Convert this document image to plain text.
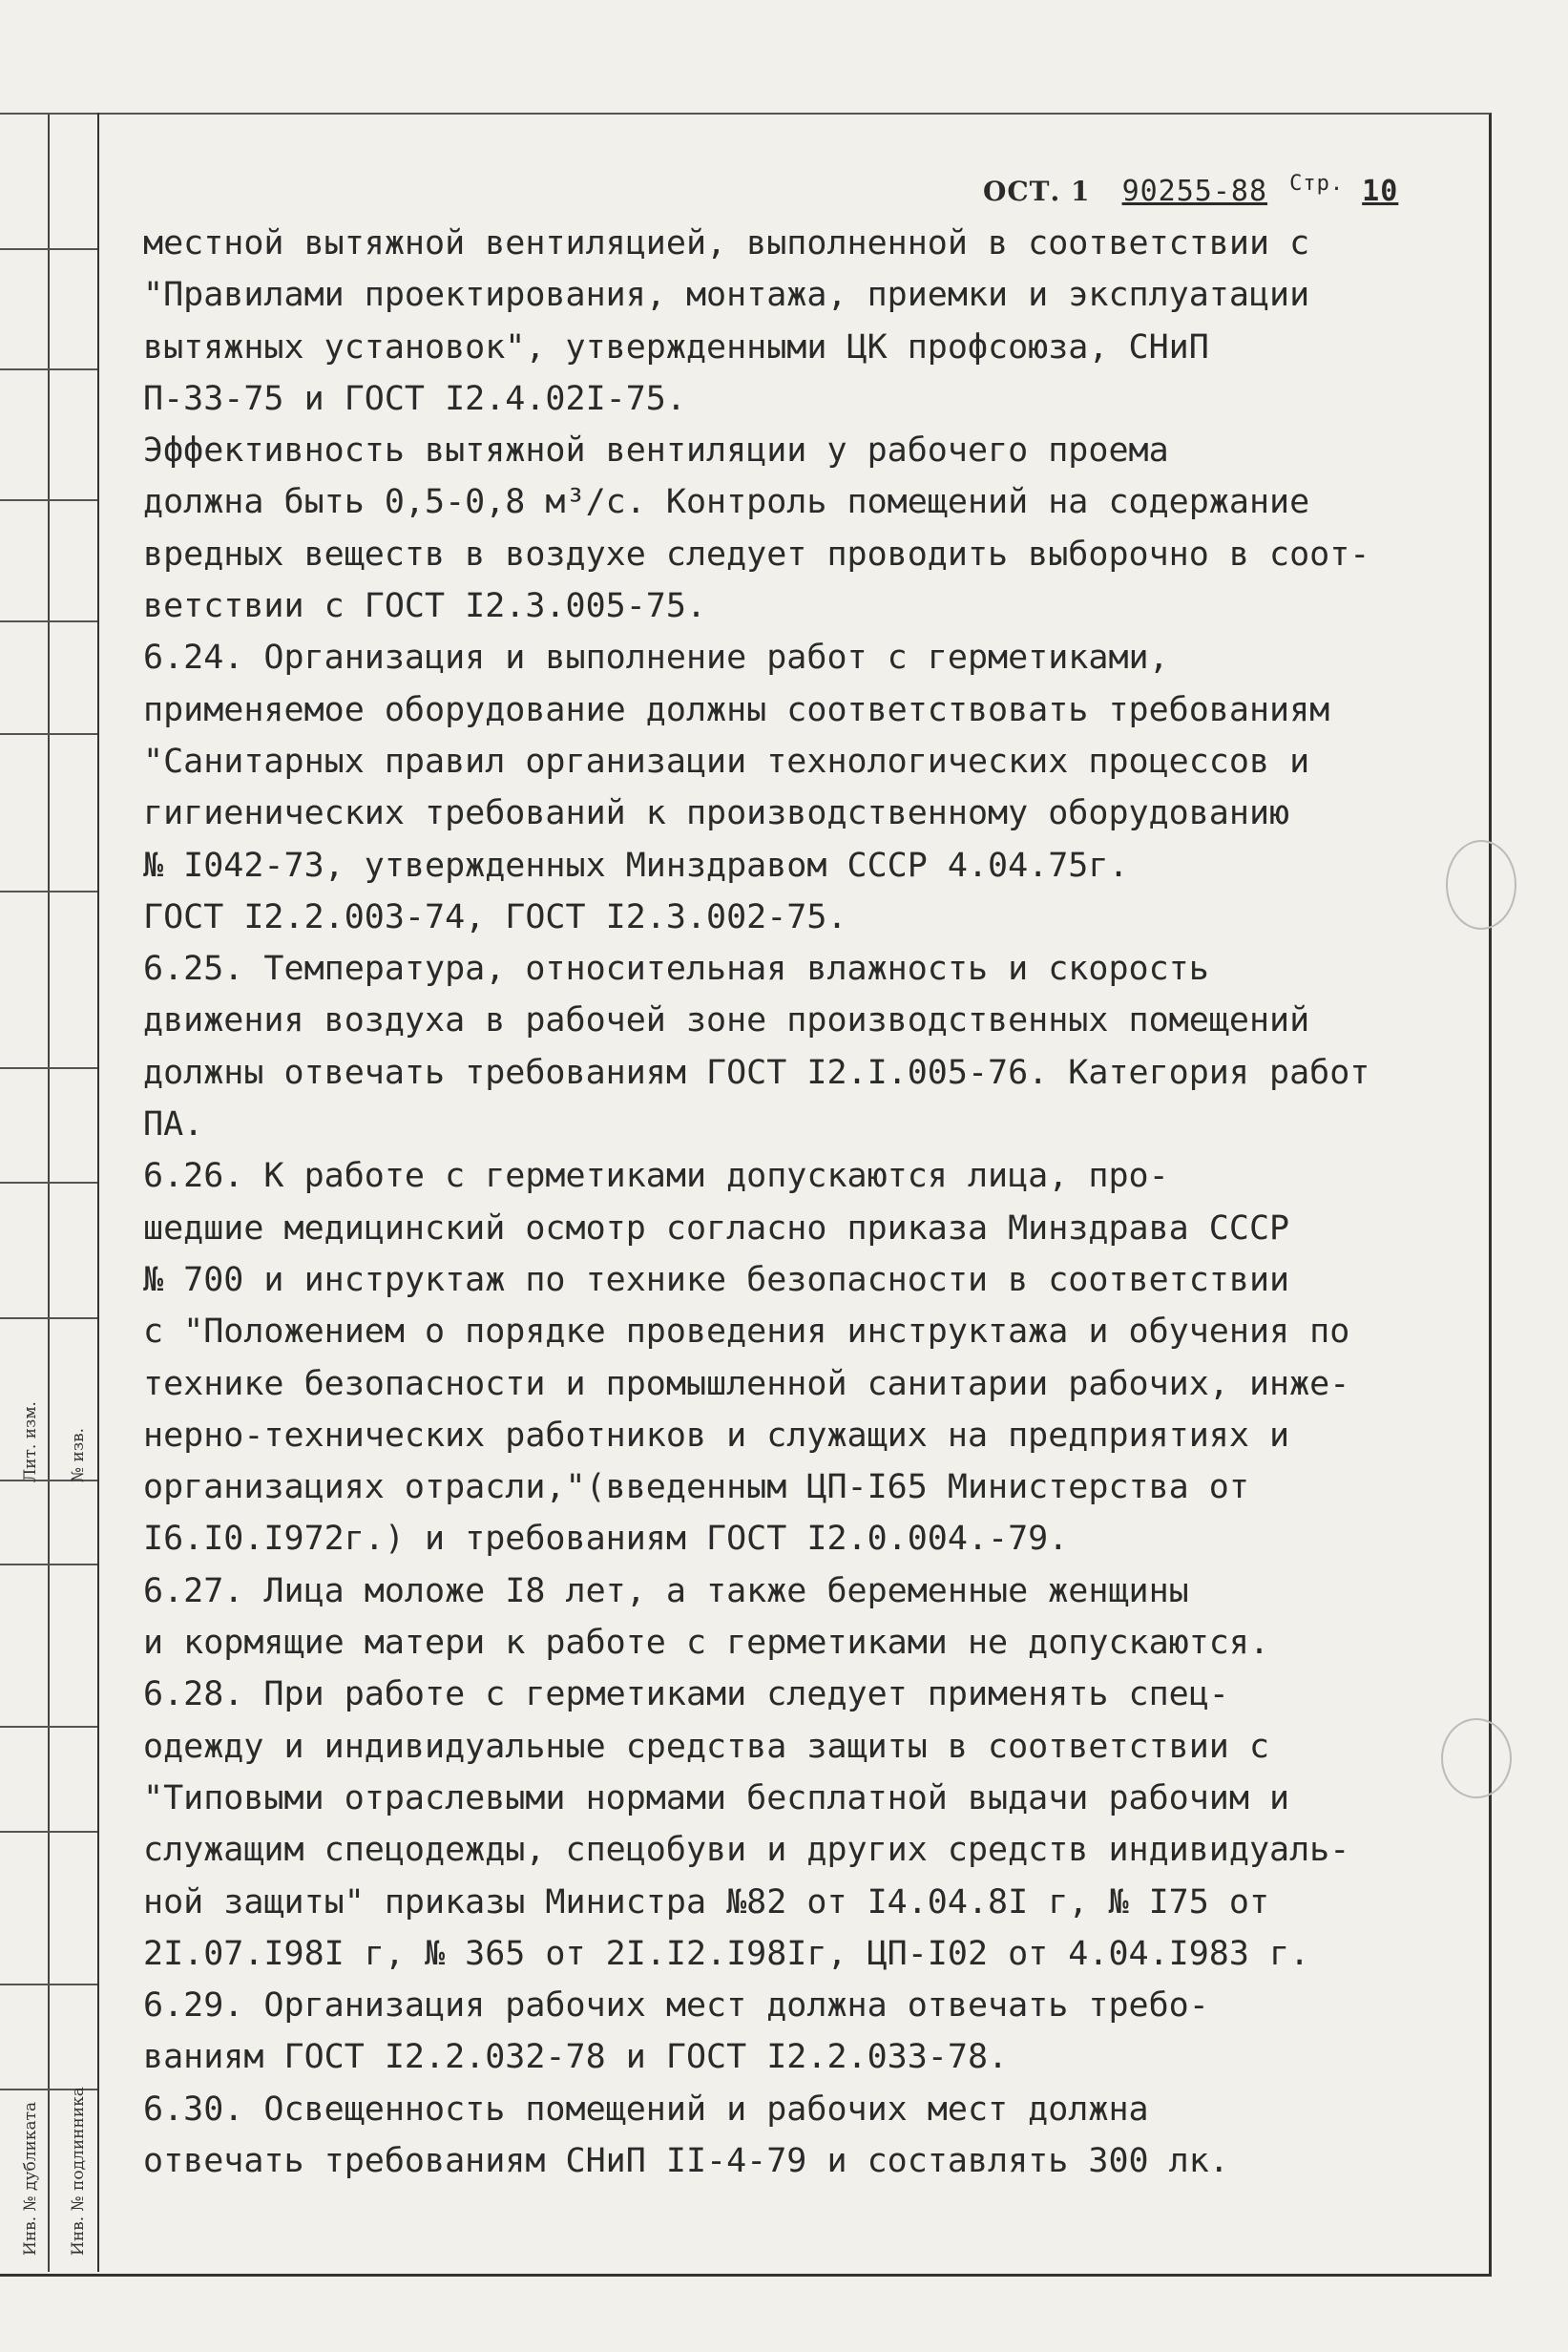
Лит. изм. № изв.
Инв. № дубликата Инв. № подлинника
ОСТ. 1 90255-88 $^{Стр.}$ 10
местной вытяжной вентиляцией, выполненной в соответствии с
"Правилами проектирования, монтажа, приемки и эксплуатации
вытяжных установок", утвержденными ЦК профсоюза, СНиП
П-33-75 и ГОСТ I2.4.02I-75.
Эффективность вытяжной вентиляции у рабочего проема
должна быть 0,5-0,8 м³/с. Контроль помещений на содержание
вредных веществ в воздухе следует проводить выборочно в соот-
ветствии с ГОСТ I2.3.005-75.
6.24. Организация и выполнение работ с герметиками,
применяемое оборудование должны соответствовать требованиям
"Санитарных правил организации технологических процессов и
гигиенических требований к производственному оборудованию
№ I042-73, утвержденных Минздравом СССР 4.04.75г.
ГОСТ I2.2.003-74, ГОСТ I2.3.002-75.
6.25. Температура, относительная влажность и скорость
движения воздуха в рабочей зоне производственных помещений
должны отвечать требованиям ГОСТ I2.I.005-76. Категория работ
ПА.
6.26. К работе с герметиками допускаются лица, про-
шедшие медицинский осмотр согласно приказа Минздрава СССР
№ 700 и инструктаж по технике безопасности в соответствии
с "Положением о порядке проведения инструктажа и обучения по
технике безопасности и промышленной санитарии рабочих, инже-
нерно-технических работников и служащих на предприятиях и
организациях отрасли,"(введенным ЦП-I65 Министерства от
I6.I0.I972г.) и требованиям ГОСТ I2.0.004.-79.
6.27. Лица моложе I8 лет, а также беременные женщины
и кормящие матери к работе с герметиками не допускаются.
6.28. При работе с герметиками следует применять спец-
одежду и индивидуальные средства защиты в соответствии с
"Типовыми отраслевыми нормами бесплатной выдачи рабочим и
служащим спецодежды, спецобуви и других средств индивидуаль-
ной защиты" приказы Министра №82 от I4.04.8I г, № I75 от
2I.07.I98I г, № 365 от 2I.I2.I98Iг, ЦП-I02 от 4.04.I983 г.
6.29. Организация рабочих мест должна отвечать требо-
ваниям ГОСТ I2.2.032-78 и ГОСТ I2.2.033-78.
6.30. Освещенность помещений и рабочих мест должна
отвечать требованиям СНиП II-4-79 и составлять 300 лк.
